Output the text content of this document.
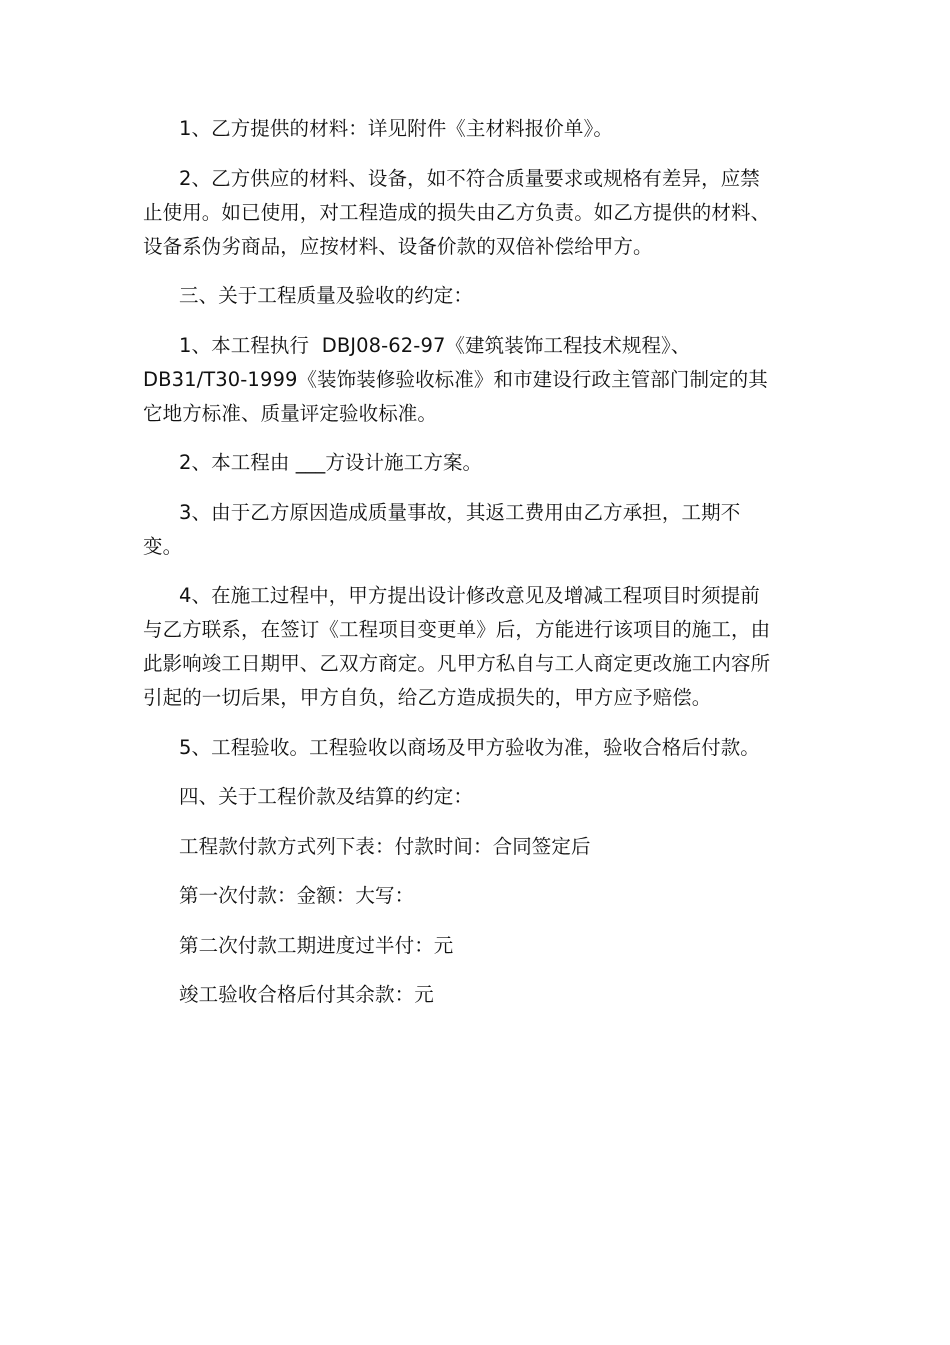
1、乙方提供的材料：详见附件《主材料报价单》。

2、乙方供应的材料、设备，如不符合质量要求或规格有差异，应禁止使用。如已使用，对工程造成的损失由乙方负责。如乙方提供的材料、设备系伪劣商品，应按材料、设备价款的双倍补偿给甲方。

三、关于工程质量及验收的约定：

1、本工程执行  DBJ08-62-97《建筑装饰工程技术规程》、DB31/T30-1999《装饰装修验收标准》和市建设行政主管部门制定的其它地方标准、质量评定验收标准。

2、本工程由 ___方设计施工方案。

3、由于乙方原因造成质量事故，其返工费用由乙方承担，工期不变。

4、在施工过程中，甲方提出设计修改意见及增减工程项目时须提前与乙方联系，在签订《工程项目变更单》后，方能进行该项目的施工，由此影响竣工日期甲、乙双方商定。凡甲方私自与工人商定更改施工内容所引起的一切后果，甲方自负，给乙方造成损失的，甲方应予赔偿。

5、工程验收。工程验收以商场及甲方验收为准，验收合格后付款。

四、关于工程价款及结算的约定：

工程款付款方式列下表：付款时间：合同签定后

第一次付款：金额：大写：

第二次付款工期进度过半付：元

竣工验收合格后付其余款：元
